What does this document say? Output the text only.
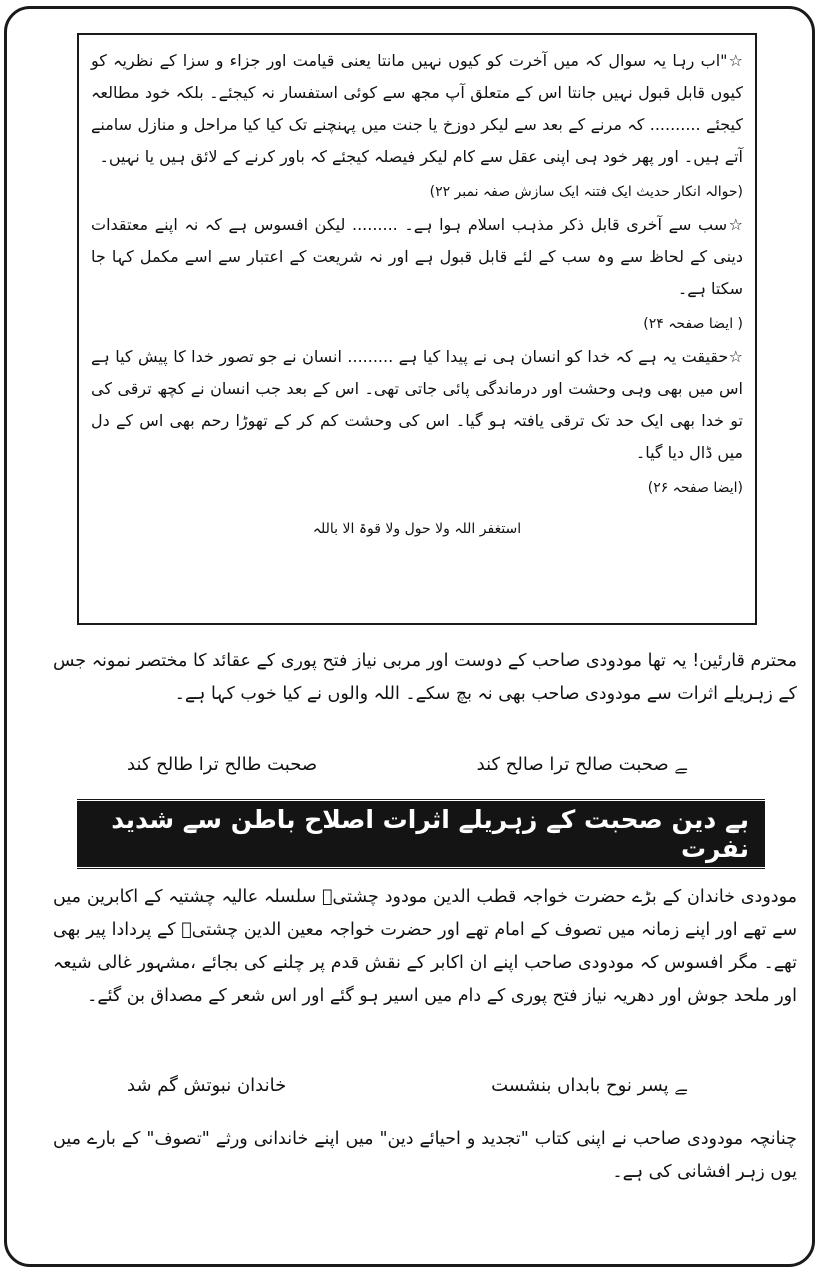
☆"اب رہا یہ سوال کہ میں آخرت کو کیوں نہیں مانتا یعنی قیامت اور جزاء و سزا کے نظریہ کو کیوں قابل قبول نہیں جانتا اس کے متعلق آپ مجھ سے کوئی استفسار نہ کیجئے۔ بلکہ خود مطالعہ کیجئے .......... کہ مرنے کے بعد سے لیکر دوزخ یا جنت میں پہنچنے تک کیا کیا مراحل و منازل سامنے آتے ہیں۔ اور پھر خود ہی اپنی عقل سے کام لیکر فیصلہ کیجئے کہ باور کرنے کے لائق ہیں یا نہیں۔

(حوالہ انکار حدیث ایک فتنہ ایک سازش صفہ نمبر ۲۲)

☆سب سے آخری قابل ذکر مذہب اسلام ہوا ہے۔ ......... لیکن افسوس ہے کہ نہ اپنے معتقدات دینی کے لحاظ سے وہ سب کے لئے قابل قبول ہے اور نہ شریعت کے اعتبار سے اسے مکمل کہا جا سکتا ہے۔

( ایضا صفحہ ۲۴)

☆حقیقت یہ ہے کہ خدا کو انسان ہی نے پیدا کیا ہے ......... انسان نے جو تصور خدا کا پیش کیا ہے اس میں بھی وہی وحشت اور درماندگی پائی جاتی تھی۔ اس کے بعد جب انسان نے کچھ ترقی کی تو خدا بھی ایک حد تک ترقی یافتہ ہو گیا۔ اس کی وحشت کم کر کے تھوڑا رحم بھی اس کے دل میں ڈال دیا گیا۔

(ایضا صفحہ ۲۶)

استغفر اللہ ولا حول ولا قوۃ الا باللہ

محترم قارئین! یہ تھا مودودی صاحب کے دوست اور مربی نیاز فتح پوری کے عقائد کا مختصر نمونہ جس کے زہریلے اثرات سے مودودی صاحب بھی نہ بچ سکے۔ اللہ والوں نے کیا خوب کہا ہے۔

ﮯ صحبت صالح ترا صالح کند
صحبت طالح ترا طالح کند
بے دین صحبت کے زہریلے اثرات اصلاح باطن سے شدید نفرت

مودودی خاندان کے بڑے حضرت خواجہ قطب الدین مودود چشتیؒ سلسلہ عالیہ چشتیہ کے اکابرین میں سے تھے اور اپنے زمانہ میں تصوف کے امام تھے اور حضرت خواجہ معین الدین چشتیؒ کے پردادا پیر بھی تھے۔ مگر افسوس کہ مودودی صاحب اپنے ان اکابر کے نقش قدم پر چلنے کی بجائے ،مشہور غالی شیعہ اور ملحد جوش اور دھریہ نیاز فتح پوری کے دام میں اسیر ہو گئے اور اس شعر کے مصداق بن گئے۔

ﮯ پسر نوح بابداں بنشست
خاندان نبوتش گم شد

چنانچہ مودودی صاحب نے اپنی کتاب "تجدید و احیائے دین" میں اپنے خاندانی ورثے "تصوف" کے بارے میں یوں زہر افشانی کی ہے۔
